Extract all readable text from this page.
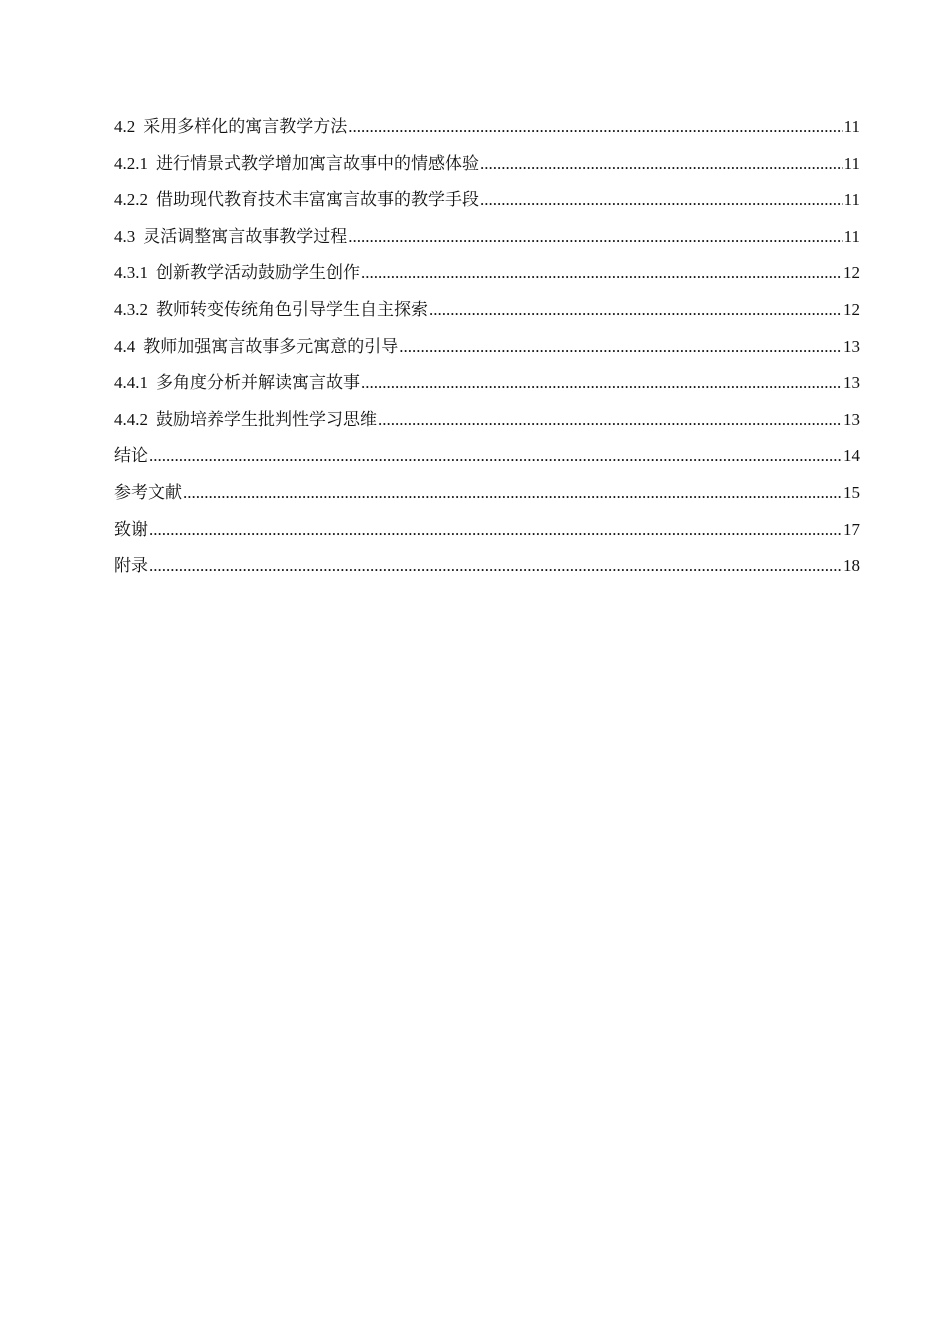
4.2 采用多样化的寓言教学方法 .....	11
4.2.1 进行情景式教学增加寓言故事中的情感体验 .....	11
4.2.2 借助现代教育技术丰富寓言故事的教学手段 .....	11
4.3 灵活调整寓言故事教学过程 .....	11
4.3.1 创新教学活动鼓励学生创作 .....	12
4.3.2 教师转变传统角色引导学生自主探索 .....	12
4.4 教师加强寓言故事多元寓意的引导 .....	13
4.4.1 多角度分析并解读寓言故事 .....	13
4.4.2 鼓励培养学生批判性学习思维 .....	13
结论 .....	14
参考文献 .....	15
致谢 .....	17
附录 .....	18
